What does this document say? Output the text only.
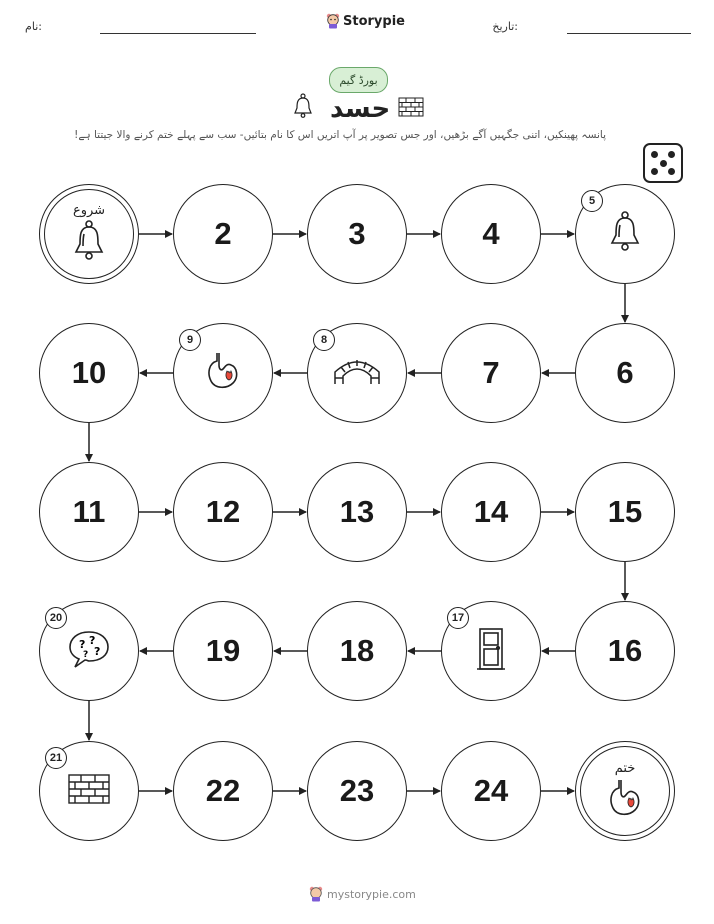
نام:	Storypie	تاریخ:
بورڈ گیم
حسد
پانسہ پھینکیں، اتنی جگہیں آگے بڑھیں، اور جس تصویر پر آپ اتریں اس کا نام بتائیں- سب سے پہلے ختم کرنے والا جیتتا ہے!
شروع
2	3	4
5
6
7
8
9
10
11	12	13	14	15
16
17
18
19
? ?
?
?
20
21
22	23	24
ختم
mystorypie.com
